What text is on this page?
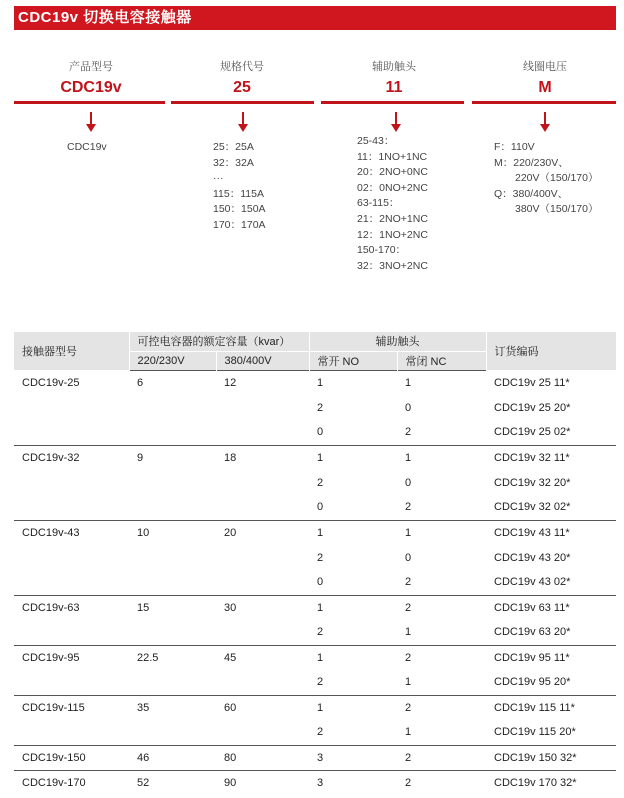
CDC19v 切换电容接触器
产品型号
CDC19v
规格代号
25
辅助触头
11
线圈电压
M
CDC19v	25：25A
32：32A
···
115：115A
150：150A
170：170A
25-43：
11：1NO+1NC
20：2NO+0NC
02：0NO+2NC
63-115：
21：2NO+1NC
12：1NO+2NC
150-170：
32：3NO+2NC
F：110V
M：220/230V、
　　220V（150/170）
Q：380/400V、
　　380V（150/170）
接触器型号	可控电容器的额定容量（kvar）		辅助触头		订货编码
	220/230V	380/400V	常开 NO	常闭 NC	
CDC19v-25	6	12	1	1	CDC19v 25 11*
			2	0	CDC19v 25 20*
			0	2	CDC19v 25 02*
CDC19v-32	9	18	1	1	CDC19v 32 11*
			2	0	CDC19v 32 20*
			0	2	CDC19v 32 02*
CDC19v-43	10	20	1	1	CDC19v 43 11*
			2	0	CDC19v 43 20*
			0	2	CDC19v 43 02*
CDC19v-63	15	30	1	2	CDC19v 63 11*
			2	1	CDC19v 63 20*
CDC19v-95	22.5	45	1	2	CDC19v 95 11*
			2	1	CDC19v 95 20*
CDC19v-115	35	60	1	2	CDC19v 115 11*
			2	1	CDC19v 115 20*
CDC19v-150	46	80	3	2	CDC19v 150 32*
CDC19v-170	52	90	3	2	CDC19v 170 32*
